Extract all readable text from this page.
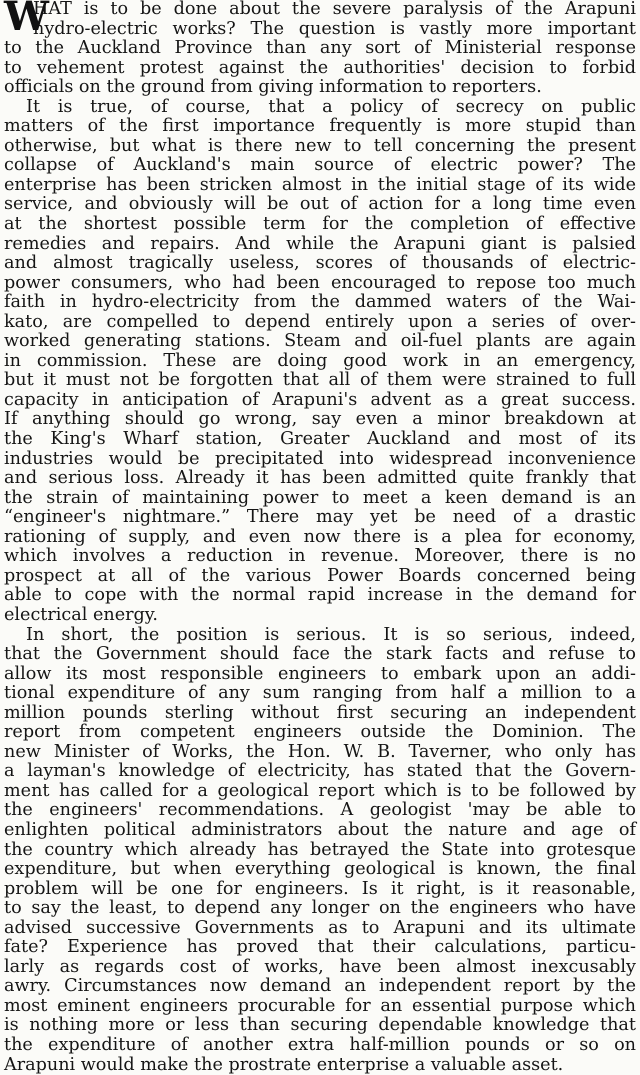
W
HAT is to be done about the severe paralysis of the Arapuni
hydro-electric works? The question is vastly more important
to the Auckland Province than any sort of Ministerial response
to vehement protest against the authorities' decision to forbid
officials on the ground from giving information to reporters.
It is true, of course, that a policy of secrecy on public
matters of the first importance frequently is more stupid than
otherwise, but what is there new to tell concerning the present
collapse of Auckland's main source of electric power? The
enterprise has been stricken almost in the initial stage of its wide
service, and obviously will be out of action for a long time even
at the shortest possible term for the completion of effective
remedies and repairs. And while the Arapuni giant is palsied
and almost tragically useless, scores of thousands of electric-
power consumers, who had been encouraged to repose too much
faith in hydro-electricity from the dammed waters of the Wai-
kato, are compelled to depend entirely upon a series of over-
worked generating stations. Steam and oil-fuel plants are again
in commission. These are doing good work in an emergency,
but it must not be forgotten that all of them were strained to full
capacity in anticipation of Arapuni's advent as a great success.
If anything should go wrong, say even a minor breakdown at
the King's Wharf station, Greater Auckland and most of its
industries would be precipitated into widespread inconvenience
and serious loss. Already it has been admitted quite frankly that
the strain of maintaining power to meet a keen demand is an
“engineer's nightmare.” There may yet be need of a drastic
rationing of supply, and even now there is a plea for economy,
which involves a reduction in revenue. Moreover, there is no
prospect at all of the various Power Boards concerned being
able to cope with the normal rapid increase in the demand for
electrical energy.
In short, the position is serious. It is so serious, indeed,
that the Government should face the stark facts and refuse to
allow its most responsible engineers to embark upon an addi-
tional expenditure of any sum ranging from half a million to a
million pounds sterling without first securing an independent
report from competent engineers outside the Dominion. The
new Minister of Works, the Hon. W. B. Taverner, who only has
a layman's knowledge of electricity, has stated that the Govern-
ment has called for a geological report which is to be followed by
the engineers' recommendations. A geologist 'may be able to
enlighten political administrators about the nature and age of
the country which already has betrayed the State into grotesque
expenditure, but when everything geological is known, the final
problem will be one for engineers. Is it right, is it reasonable,
to say the least, to depend any longer on the engineers who have
advised successive Governments as to Arapuni and its ultimate
fate? Experience has proved that their calculations, particu-
larly as regards cost of works, have been almost inexcusably
awry. Circumstances now demand an independent report by the
most eminent engineers procurable for an essential purpose which
is nothing more or less than securing dependable knowledge that
the expenditure of another extra half-million pounds or so on
Arapuni would make the prostrate enterprise a valuable asset.
